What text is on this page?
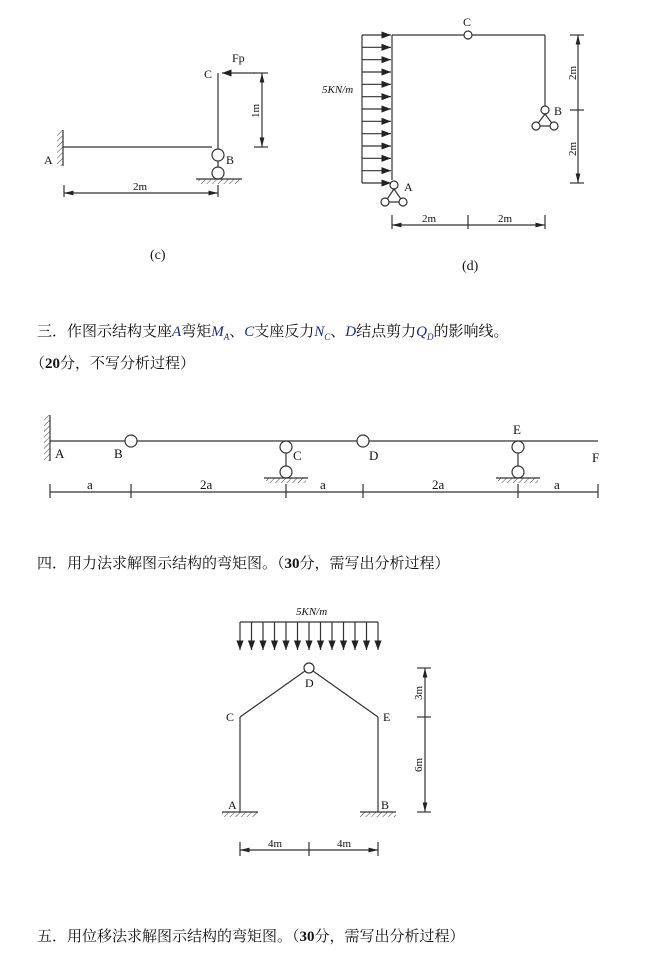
A	B
C
Fp
2m
1m
(c)
C
B
A
5KN/m
2m	2m
2m
2m
(d)
A	B	C	D
E
F
a	2a	a	2a	a
5KN/m
D
C	E
A	B
4m	4m
3m
6m
三．作图示结构支座A弯矩$M_A$、C支座反力$N_C$、D结点剪力$Q_D$的影响线。
（20分，不写分析过程）
四．用力法求解图示结构的弯矩图。（30分，需写出分析过程）
五．用位移法求解图示结构的弯矩图。（30分，需写出分析过程）
